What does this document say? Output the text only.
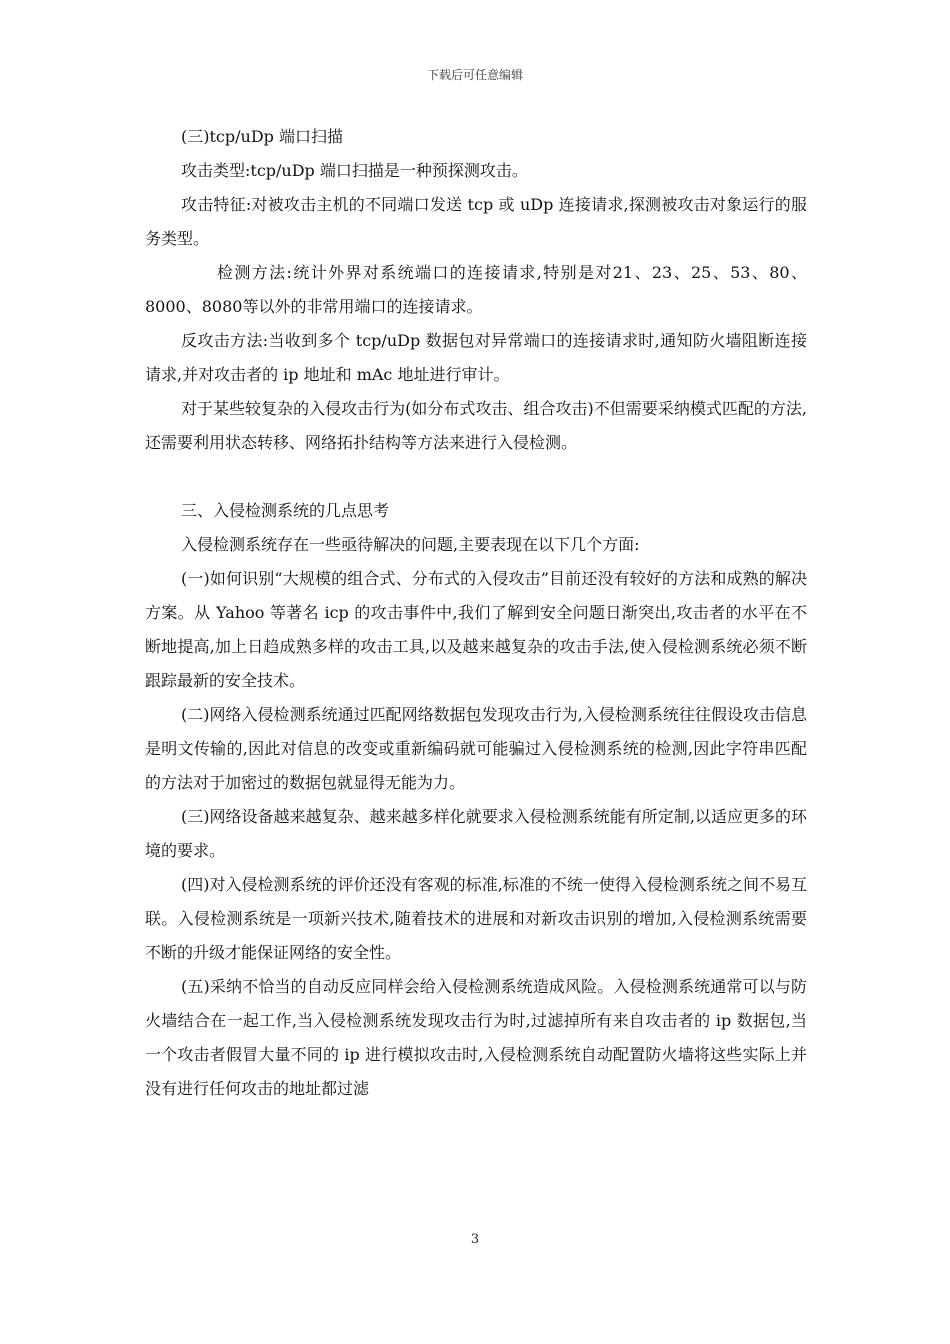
下载后可任意编辑

(三)tcp/uDp 端口扫描

攻击类型:tcp/uDp 端口扫描是一种预探测攻击。

攻击特征:对被攻击主机的不同端口发送 tcp 或 uDp 连接请求,探测被攻击对象运行的服务类型。

检测方法:统计外界对系统端口的连接请求,特别是对21、23、25、53、80、8000、8080等以外的非常用端口的连接请求。

反攻击方法:当收到多个 tcp/uDp 数据包对异常端口的连接请求时,通知防火墙阻断连接请求,并对攻击者的 ip 地址和 mAc 地址进行审计。

对于某些较复杂的入侵攻击行为(如分布式攻击、组合攻击)不但需要采纳模式匹配的方法,还需要利用状态转移、网络拓扑结构等方法来进行入侵检测。

三、入侵检测系统的几点思考

入侵检测系统存在一些亟待解决的问题,主要表现在以下几个方面:

(一)如何识别“大规模的组合式、分布式的入侵攻击”目前还没有较好的方法和成熟的解决方案。从 Yahoo 等著名 icp 的攻击事件中,我们了解到安全问题日渐突出,攻击者的水平在不断地提高,加上日趋成熟多样的攻击工具,以及越来越复杂的攻击手法,使入侵检测系统必须不断跟踪最新的安全技术。

(二)网络入侵检测系统通过匹配网络数据包发现攻击行为,入侵检测系统往往假设攻击信息是明文传输的,因此对信息的改变或重新编码就可能骗过入侵检测系统的检测,因此字符串匹配的方法对于加密过的数据包就显得无能为力。

(三)网络设备越来越复杂、越来越多样化就要求入侵检测系统能有所定制,以适应更多的环境的要求。

(四)对入侵检测系统的评价还没有客观的标准,标准的不统一使得入侵检测系统之间不易互联。入侵检测系统是一项新兴技术,随着技术的进展和对新攻击识别的增加,入侵检测系统需要不断的升级才能保证网络的安全性。

(五)采纳不恰当的自动反应同样会给入侵检测系统造成风险。入侵检测系统通常可以与防火墙结合在一起工作,当入侵检测系统发现攻击行为时,过滤掉所有来自攻击者的 ip 数据包,当一个攻击者假冒大量不同的 ip 进行模拟攻击时,入侵检测系统自动配置防火墙将这些实际上并没有进行任何攻击的地址都过滤

3
